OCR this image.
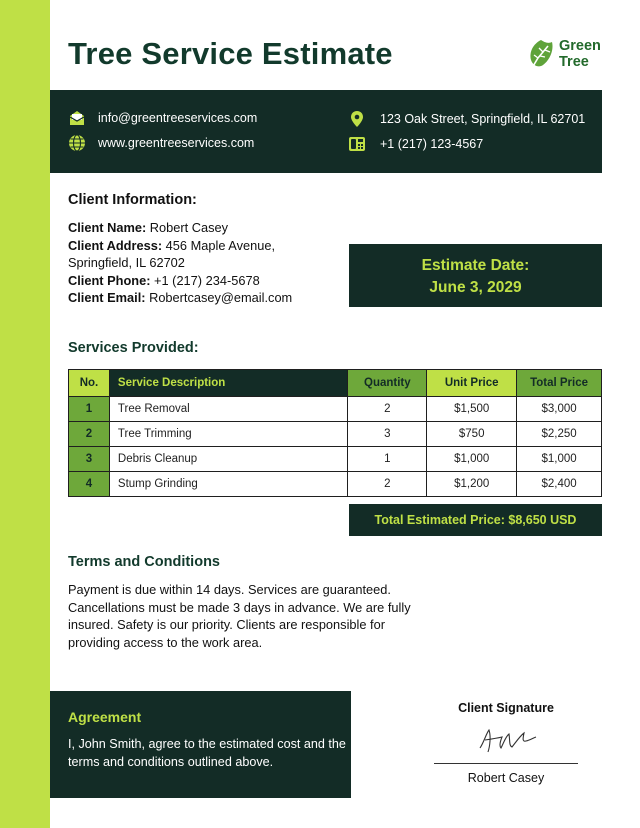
Tree Service Estimate	Green
Tree
info@greentreeservices.com
www.greentreeservices.com
123 Oak Street, Springfield, IL 62701
+1 (217) 123-4567
Client Information:
Client Name: Robert Casey
Client Address: 456 Maple Avenue, Springfield, IL 62702
Client Phone: +1 (217) 234-5678
Client Email: Robertcasey@email.com
Estimate Date:
June 3, 2029
Services Provided:
No.	Service Description	Quantity	Unit Price	Total Price
1	Tree Removal	2	$1,500	$3,000
2	Tree Trimming	3	$750	$2,250
3	Debris Cleanup	1	$1,000	$1,000
4	Stump Grinding	2	$1,200	$2,400
Total Estimated Price: $8,650 USD
Terms and Conditions

Payment is due within 14 days. Services are guaranteed. Cancellations must be made 3 days in advance. We are fully insured. Safety is our priority. Clients are responsible for providing access to the work area.

Agreement

I, John Smith, agree to the estimated cost and the terms and conditions outlined above.

Client Signature
Robert Casey
